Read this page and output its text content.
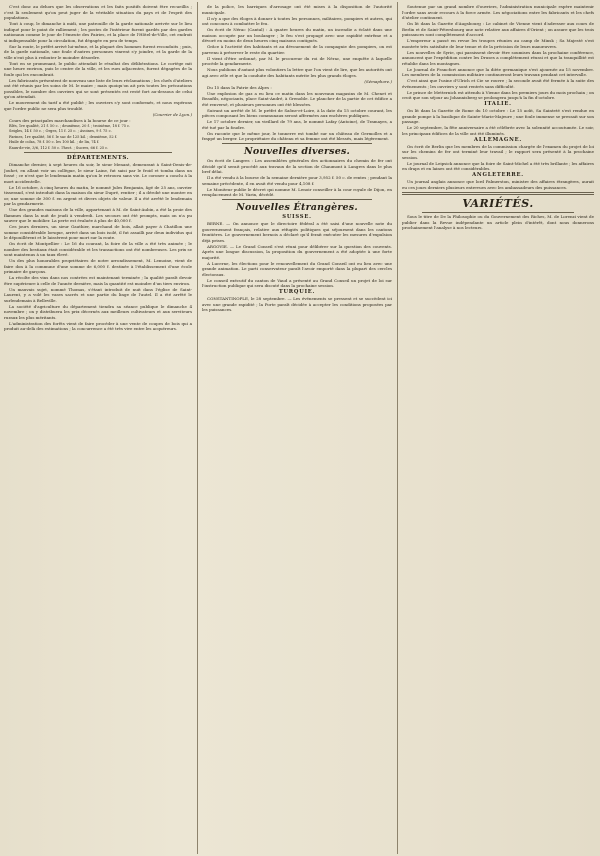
C'est donc au dehors que les observations et les faits positifs doivent être recueillis ; c'est là seulement qu'on peut juger de la véritable situation du pays et de l'esprit des populations.

Tout à coup, le dimanche à midi, une patrouille de la garde nationale arrivée sur le lieu indiqué pour le point de ralliement ; les postes de l'intérieur furent gardés par des gardes nationaux comme le jour de l'émeute des Pairies, et la place de l'Hôtel-de-Ville, cet endroit si indispensable pour la circulation, fut dégagée en peu de temps.

Sur la route, le préfet arrivé lui-même, et la plupart des hommes furent reconduits ; puis, de la garde nationale, une foule d'autres personnes vinrent s'y joindre, et la garde de la ville n'eut plus à redouter le moindre désordre.

Tout en se promenant, le public attendait le résultat des délibérations. Le cortège mit une heure environ, puis le centre de la ville, et les rues adjacentes, furent dégagées de la foule qui les encombrait.

Les fabricants présentent de nouveau une liste de leurs réclamations ; les chefs d'ateliers ont été réunis par les soins de M. le maire ; mais quoiqu'on ait pris toutes les précautions possibles, le nombre des ouvriers qui se sont présentés est resté fort au-dessous de celui qu'on attendait.

Le mouvement du tarif a été publié ; les ouvriers s'y sont conformés, et nous espérons que l'ordre public ne sera plus troublé.

(Courrier de Lyon.)

Cours des principales marchandises à la bourse de ce jour :

Blés, 1re qualité, 21 f. 50 c. ; deuxième, 20 f. ; troisième, 18 f. 75 c.

Seigles, 14 f. 50 c. ; Orges, 11 f. 25 c. ; Avoines, 9 f. 75 c.

Farines, 1re qualité, 56 f. le sac de 125 kil. ; deuxième, 52 f.

Huile de colza, 78 f. 50 c. les 100 kil. ; de lin, 74 f.

Eaux-de-vie, 3/6, 112 f. 50 c. l'hect. ; Sucres, 66 f. 25 c.

DÉPARTEMENTS.

Dimanche dernier, à sept heures du soir, le sieur Menant, demeurant à Saint-Denis-de-Jouhet, en allant voir un collègue, le sieur Laine, fut saisi par le froid et tomba dans un fossé ; ce n'est que le lendemain matin qu'on le retrouva sans vie. Le coroner a conclu à la mort accidentelle.

Le 16 octobre, à cinq heures du matin, le nommé Jules Benjamin, âgé de 25 ans, ouvrier tisserand, s'est introduit dans la maison du sieur Dupré, rentier ; il a dérobé une montre en or, une somme de 300 f. en argent et divers objets de valeur. Il a été arrêté le lendemain par la gendarmerie.

Une des grandes maisons de la ville, appartenant à M. de Saint-Aubin, a été la proie des flammes dans la nuit de jeudi à vendredi. Les secours ont été prompts, mais on n'a pu sauver que le mobilier. La perte est évaluée à plus de 40,000 f.

Ces jours derniers, un sieur Gauthier, marchand de bois, allait payer à Chatillon une somme considérable lorsque, arrivé dans un bois isolé, il fut assailli par deux individus qui le dépouillèrent et le laissèrent pour mort sur la route.

On écrit de Montpellier : Le 16 du courant, la foire de la ville a été très animée ; le nombre des bestiaux était considérable et les transactions ont été nombreuses. Les prix se sont maintenus à un taux élevé.

Un des plus honorables propriétaires de notre arrondissement, M. Lemoine, vient de faire don à la commune d'une somme de 6,000 f. destinée à l'établissement d'une école primaire de garçons.

La récolte des vins dans nos contrées est maintenant terminée ; la qualité paraît devoir être supérieure à celle de l'année dernière, mais la quantité est moindre d'un tiers environ.

Un mauvais sujet, nommé Thomas, s'étant introduit de nuit dans l'église de Saint-Laurent, y a volé les vases sacrés et une partie du linge de l'autel. Il a été arrêté le surlendemain à Belleville.

La société d'agriculture du département tiendra sa séance publique le dimanche 4 novembre ; on y distribuera les prix décernés aux meilleurs cultivateurs et aux serviteurs ruraux les plus méritants.

L'administration des forêts vient de faire procéder à une vente de coupes de bois qui a produit au-delà des estimations ; la concurrence a été très vive entre les acquéreurs.

de la police, les barriques d'arrosage ont été mises à la disposition de l'autorité municipale.

Il n'y a que des éloges à donner à toutes les personnes, militaires, pompiers et autres, qui ont concouru à combattre le feu.

On écrit de Nérac (Cantal) : A quatre heures du matin, un incendie a éclaté dans une maison occupée par un boulanger ; le feu s'est propagé avec une rapidité extrême et a dévoré en moins de deux heures cinq maisons contiguës.

Grâce à l'activité des habitants et au dévouement de la compagnie des pompiers, on est parvenu à préserver le reste du quartier.

Il vient d'être ordonné, par M. le procureur du roi de Nérac, une enquête à laquelle procède la gendarmerie.

Nous publions d'autant plus volontiers la lettre que l'on vient de lire, que les autorités ont agi avec zèle et que la conduite des habitants mérite les plus grands éloges.

(Sémaphore.)

Du 15 dans la Patrie des Alpes :

Une explosion de gaz a eu lieu ce matin dans les nouveaux magasins de M. Chenet et Beaufils, négociants, place Saint-André, à Grenoble. Le plancher de la partie de cet édifice a été renversé, et plusieurs personnes ont été blessées.

Suivant un arrêté de M. le préfet de Saône-et-Loire, à la date du 15 octobre courant, les pièces composant les biens communaux seront affermées aux enchères publiques.

Le 17 octobre dernier, un vieillard de 79 ans, le nommé Lafay (Antoine), de Tramayes, a été tué par la foudre.

On raconte que le même jour, le tonnerre est tombé sur un château de Germolles et a frappé un berger. Le propriétaire du château et sa femme ont été blessés, mais légèrement.

Nouvelles diverses.

On écrit de Langres : Les assemblées générales des actionnaires du chemin de fer ont décidé qu'il serait procédé aux travaux de la section de Chaumont à Langres dans le plus bref délai.

Il a été vendu à la bourse de la semaine dernière pour 3,952 f. 50 c. de rentes ; pendant la semaine précédente, il en avait été vendu pour 4,108 f.

Le Moniteur publie le décret qui nomme M. Lenoir conseiller à la cour royale de Dijon, en remplacement de M. Varin, décédé.

Nouvelles Étrangères.

SUISSE.

BERNE. — On annonce que le directoire fédéral a été saisi d'une nouvelle note du gouvernement français, relative aux réfugiés politiques qui séjournent dans les cantons frontières. Le gouvernement bernois a déclaré qu'il ferait exécuter les mesures d'expulsion déjà prises.

ARGOVIE. — Le Grand Conseil s'est réuni pour délibérer sur la question des couvents. Après une longue discussion, la proposition du gouvernement a été adoptée à une forte majorité.

A Lucerne, les élections pour le renouvellement du Grand Conseil ont eu lieu avec une grande animation. Le parti conservateur paraît l'avoir emporté dans la plupart des cercles électoraux.

Le conseil exécutif du canton de Vaud a présenté au Grand Conseil un projet de loi sur l'instruction publique qui sera discuté dans la prochaine session.

TURQUIE.

CONSTANTINOPLE, le 28 septembre. — Les événements se pressent et se succèdent ici avec une grande rapidité ; la Porte paraît décidée à accepter les conditions proposées par les puissances.

Soutenue par un grand nombre d'ouvriers, l'administration municipale espère maintenir l'ordre sans avoir recours à la force armée. Les négociations entre les fabricants et les chefs d'atelier continuent.

On lit dans la Gazette d'Augsbourg : Le cabinet de Vienne vient d'adresser aux cours de Berlin et de Saint-Pétersbourg une note relative aux affaires d'Orient ; on assure que les trois puissances sont complètement d'accord.

L'empereur a passé en revue les troupes réunies au camp de Minsk ; Sa Majesté s'est montrée très satisfaite de leur tenue et de la précision de leurs manœuvres.

Les nouvelles de Syrie, qui paraissent devoir être soumises dans la prochaine conférence, annoncent que l'expédition contre les Druses a complètement réussi et que la tranquillité est rétablie dans les montagnes.

Le Journal de Francfort annonce que la diète germanique s'est ajournée au 15 novembre. Les membres de la commission militaire continueront leurs travaux pendant cet intervalle.

C'est ainsi que l'usine d'Ulrich et Cie se rouvre ; la seconde avait été fermée à la suite des événements ; les ouvriers y sont rentrés sans difficulté.

Le prince de Metternich est attendu à Vienne dans les premiers jours du mois prochain ; on croit que son séjour au Johannisberg se prolongera jusqu'à la fin d'octobre.

ITALIE.

On lit dans la Gazette de Rome du 10 octobre : Le 15 août, Sa Sainteté s'est rendue en grande pompe à la basilique de Sainte-Marie-Majeure ; une foule immense se pressait sur son passage.

Le 20 septembre, la fête anniversaire a été célébrée avec la solennité accoutumée. Le soir, les principaux édifices de la ville ont été illuminés.

ALLEMAGNE.

On écrit de Berlin que les membres de la commission chargée de l'examen du projet de loi sur les chemins de fer ont terminé leur travail ; le rapport sera présenté à la prochaine session.

Le journal de Leipsick annonce que la foire de Saint-Michel a été très brillante ; les affaires en draps et en laines ont été considérables.

ANGLETERRE.

Un journal anglais annonce que lord Palmerston, ministre des affaires étrangères, aurait eu ces jours derniers plusieurs entrevues avec les ambassadeurs des puissances.

VARIÉTÉS.

Sous le titre de De la Philosophie ou du Gouvernement des Riches, M. de Lorenzi vient de publier dans la Revue indépendante un article plein d'intérêt, dont nous donnerons prochainement l'analyse à nos lecteurs.
